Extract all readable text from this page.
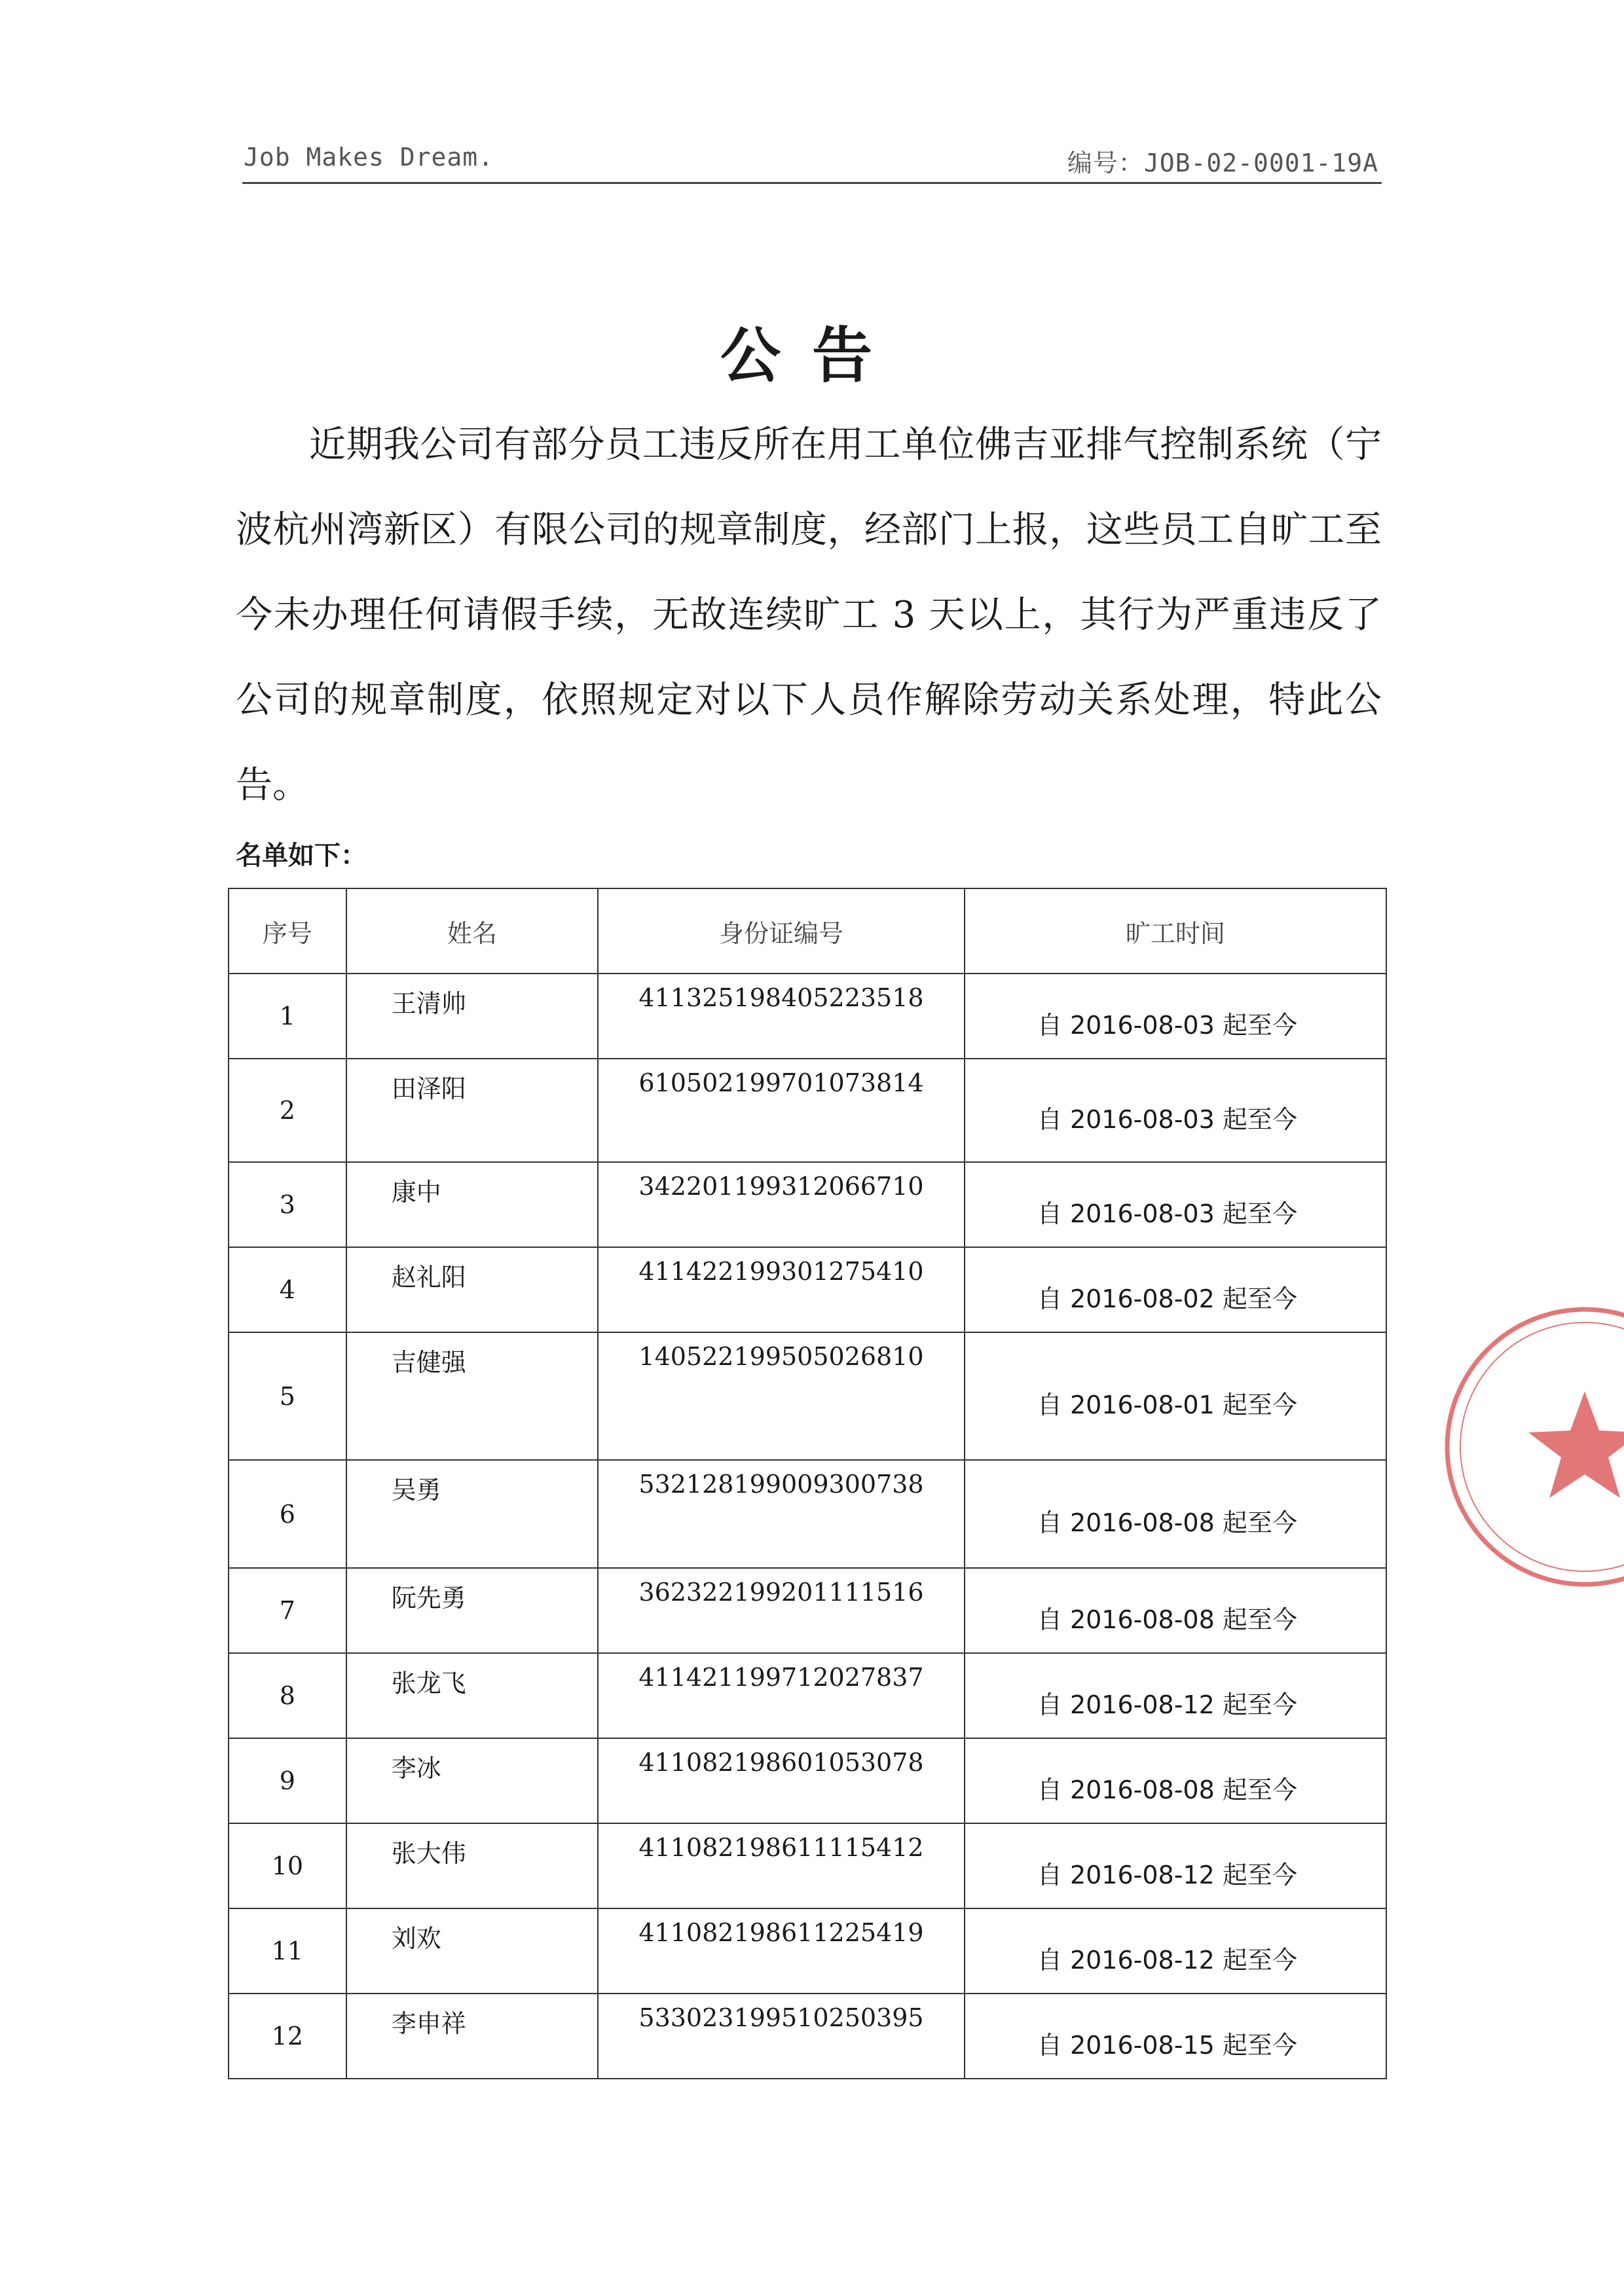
Job Makes Dream.	编号：JOB-02-0001-19A
公告
近期我公司有部分员工违反所在用工单位佛吉亚排气控制系统（宁波杭州湾新区）有限公司的规章制度，经部门上报，这些员工自旷工至今未办理任何请假手续，无故连续旷工 3 天以上，其行为严重违反了公司的规章制度，依照规定对以下人员作解除劳动关系处理，特此公告。
名单如下：
序号	姓名	身份证编号	旷工时间
1	王清帅	411325198405223518	自 2016-08-03 起至今
2	田泽阳	610502199701073814	自 2016-08-03 起至今
3	康中	342201199312066710	自 2016-08-03 起至今
4	赵礼阳	411422199301275410	自 2016-08-02 起至今
5	吉健强	140522199505026810	自 2016-08-01 起至今
6	吴勇	532128199009300738	自 2016-08-08 起至今
7	阮先勇	362322199201111516	自 2016-08-08 起至今
8	张龙飞	411421199712027837	自 2016-08-12 起至今
9	李冰	411082198601053078	自 2016-08-08 起至今
10	张大伟	411082198611115412	自 2016-08-12 起至今
11	刘欢	411082198611225419	自 2016-08-12 起至今
12	李申祥	533023199510250395	自 2016-08-15 起至今
